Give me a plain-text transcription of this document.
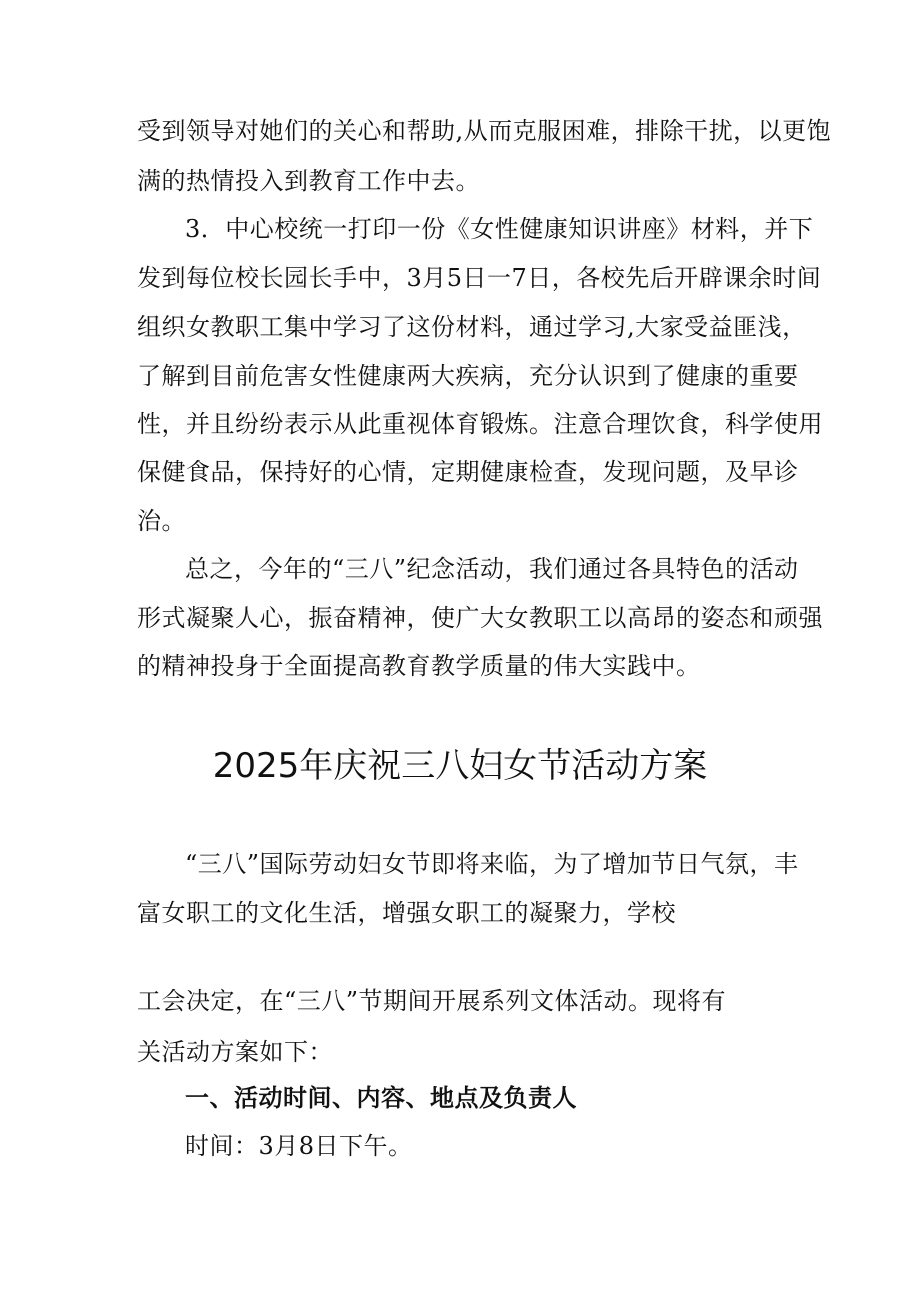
受到领导对她们的关心和帮助,从而克服困难，排除干扰，以更饱
满的热情投入到教育工作中去。
3．中心校统一打印一份《女性健康知识讲座》材料，并下
发到每位校长园长手中，3月5日一7日，各校先后开辟课余时间
组织女教职工集中学习了这份材料，通过学习,大家受益匪浅，
了解到目前危害女性健康两大疾病，充分认识到了健康的重要
性，并且纷纷表示从此重视体育锻炼。注意合理饮食，科学使用
保健食品，保持好的心情，定期健康检查，发现问题，及早诊
治。
总之，今年的“三八”纪念活动，我们通过各具特色的活动
形式凝聚人心，振奋精神，使广大女教职工以高昂的姿态和顽强
的精神投身于全面提高教育教学质量的伟大实践中。
2025年庆祝三八妇女节活动方案
“三八”国际劳动妇女节即将来临，为了增加节日气氛，丰
富女职工的文化生活，增强女职工的凝聚力，学校
工会决定，在“三八”节期间开展系列文体活动。现将有
关活动方案如下：
一、活动时间、内容、地点及负责人
时间：3月8日下午。
